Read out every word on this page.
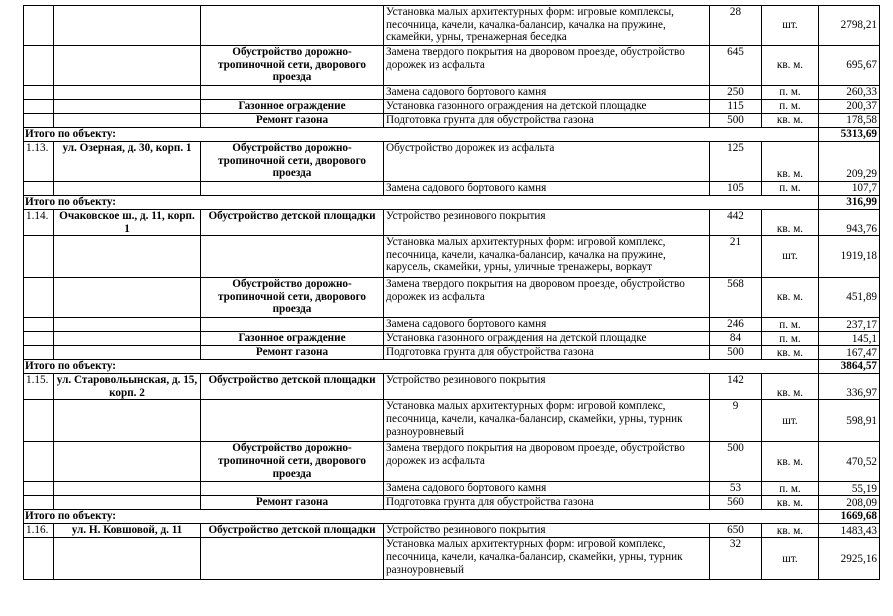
			Установка малых архитектурных форм: игровые комплексы, песочница, качели, качалка-балансир, качалка на пружине, скамейки, урны, тренажерная беседка	28	шт.	2798,21
		Обустройство дорожно-тропиночной сети, дворового проезда	Замена твердого покрытия на дворовом проезде, обустройство дорожек из асфальта	645	кв. м.	695,67
			Замена садового бортового камня	250	п. м.	260,33
		Газонное ограждение	Установка газонного ограждения на детской площадке	115	п. м.	200,37
		Ремонт газона	Подготовка грунта для обустройства газона	500	кв. м.	178,58
Итого по объекту:						5313,69
1.13.	ул. Озерная, д. 30, корп. 1	Обустройство дорожно-тропиночной сети, дворового проезда	Обустройство дорожек из асфальта	125	кв. м.	209,29
			Замена садового бортового камня	105	п. м.	107,7
Итого по объекту:						316,99
1.14.	Очаковское ш., д. 11, корп. 1	Обустройство детской площадки	Устройство резинового покрытия	442	кв. м.	943,76
			Установка малых архитектурных форм: игровой комплекс, песочница, качели, качалка-балансир, качалка на пружине, карусель, скамейки, урны, уличные тренажеры, воркаут	21	шт.	1919,18
		Обустройство дорожно-тропиночной сети, дворового проезда	Замена твердого покрытия на дворовом проезде, обустройство дорожек из асфальта	568	кв. м.	451,89
			Замена садового бортового камня	246	п. м.	237,17
		Газонное ограждение	Установка газонного ограждения на детской площадке	84	п. м.	145,1
		Ремонт газона	Подготовка грунта для обустройства газона	500	кв. м.	167,47
Итого по объекту:						3864,57
1.15.	ул. Старовольынская, д. 15, корп. 2	Обустройство детской площадки	Устройство резинового покрытия	142	кв. м.	336,97
			Установка малых архитектурных форм: игровой комплекс, песочница, качели, качалка-балансир, скамейки, урны, турник разноуровневый	9	шт.	598,91
		Обустройство дорожно-тропиночной сети, дворового проезда	Замена твердого покрытия на дворовом проезде, обустройство дорожек из асфальта	500	кв. м.	470,52
			Замена садового бортового камня	53	п. м.	55,19
		Ремонт газона	Подготовка грунта для обустройства газона	560	кв. м.	208,09
Итого по объекту:						1669,68
1.16.	ул. Н. Ковшовой, д. 11	Обустройство детской площадки	Устройство резинового покрытия	650	кв. м.	1483,43
			Установка малых архитектурных форм: игровой комплекс, песочница, качели, качалка-балансир, скамейки, урны, турник разноуровневый	32	шт.	2925,16
